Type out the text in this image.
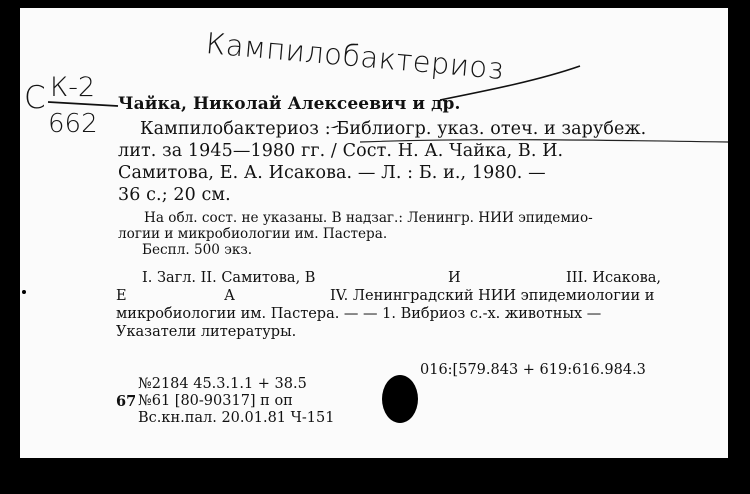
Кампилобактериоз
С К-2
662
Чайка, Николай Алексеевич и др.
Кампилобактериоз : Библиогр. указ. отеч. и зарубеж.
лит. за 1945—1980 гг. / Сост. Н. А. Чайка, В. И.
Самитова, Е. А. Исакова. — Л. : Б. и., 1980. —
36 с.; 20 см.
На обл. сост. не указаны. В надзаг.: Ленингр. НИИ эпидемио-
логии и микробиологии им. Пастера.
Беспл. 500 экз.
I. Загл. II. Самитова, В	И	III. Исакова,
Е	А	IV. Ленинградский НИИ эпидемиологии и
микробиологии им. Пастера. — — 1. Вибриоз с.-х. животных —
Указатели литературы.
016:[579.843 + 619:616.984.3
№2184 45.3.1.1 + 38.5
67 №61 [80-90317] п оп
Вс.кн.пал. 20.01.81 Ч-151
